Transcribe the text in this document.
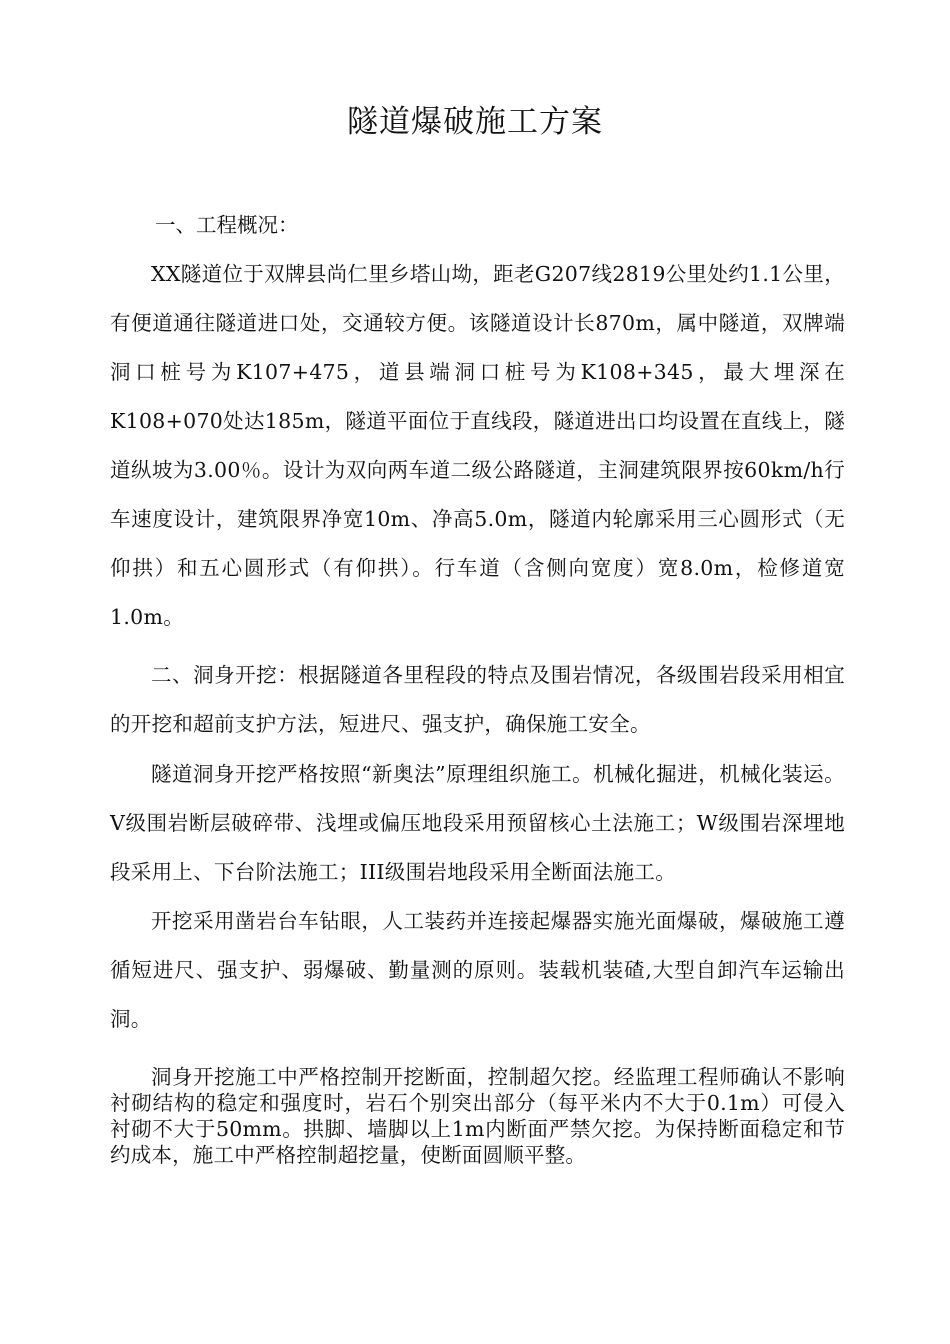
隧道爆破施工方案
一、工程概况：
XX隧道位于双牌县尚仁里乡塔山坳，距老G207线2819公里处约1.1公里，有便道通往隧道进口处，交通较方便。该隧道设计长870m，属中隧道，双牌端洞口桩号为K107+475，道县端洞口桩号为K108+345，最大埋深在K108+070处达185m，隧道平面位于直线段，隧道进出口均设置在直线上，隧道纵坡为3.00％。设计为双向两车道二级公路隧道，主洞建筑限界按60km/h行车速度设计，建筑限界净宽10m、净高5.0m，隧道内轮廓采用三心圆形式（无仰拱）和五心圆形式（有仰拱）。行车道（含侧向宽度）宽8.0m，检修道宽1.0m。
二、洞身开挖：根据隧道各里程段的特点及围岩情况，各级围岩段采用相宜的开挖和超前支护方法，短进尺、强支护，确保施工安全。
隧道洞身开挖严格按照“新奥法”原理组织施工。机械化掘进，机械化装运。V级围岩断层破碎带、浅埋或偏压地段采用预留核心土法施工；W级围岩深埋地段采用上、下台阶法施工；III级围岩地段采用全断面法施工。
开挖采用凿岩台车钻眼，人工装药并连接起爆器实施光面爆破，爆破施工遵循短进尺、强支护、弱爆破、勤量测的原则。装载机装碴,大型自卸汽车运输出洞。
洞身开挖施工中严格控制开挖断面，控制超欠挖。经监理工程师确认不影响衬砌结构的稳定和强度时，岩石个别突出部分（每平米内不大于0.1m）可侵入衬砌不大于50mm。拱脚、墙脚以上1m内断面严禁欠挖。为保持断面稳定和节约成本，施工中严格控制超挖量，使断面圆顺平整。
